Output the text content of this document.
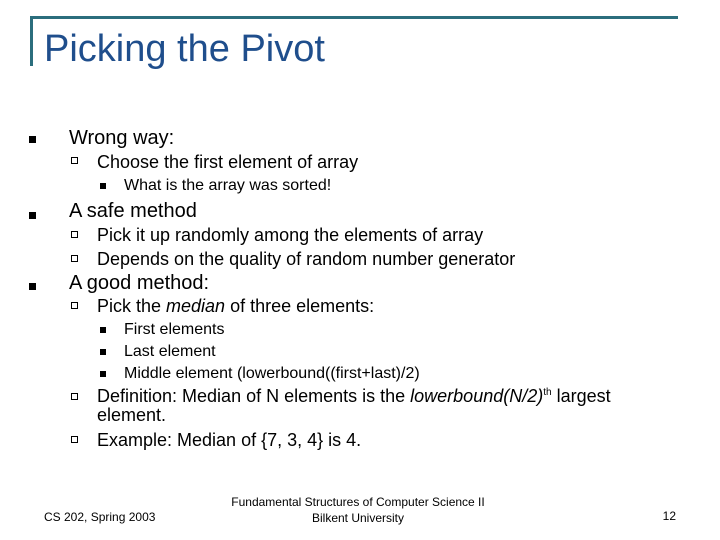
Picking the Pivot
Wrong way:
Choose the first element of array
What is the array was sorted!
A safe method
Pick it up randomly among the elements of array
Depends on the quality of random number generator
A good method:
Pick the median of three elements:
First elements
Last element
Middle element (lowerbound((first+last)/2)
Definition: Median of N elements is the $lowerbound(N/2)^{th}$ largest
element.
Example: Median of {7, 3, 4} is 4.
CS 202, Spring 2003
Fundamental Structures of Computer Science II
Bilkent University	12
